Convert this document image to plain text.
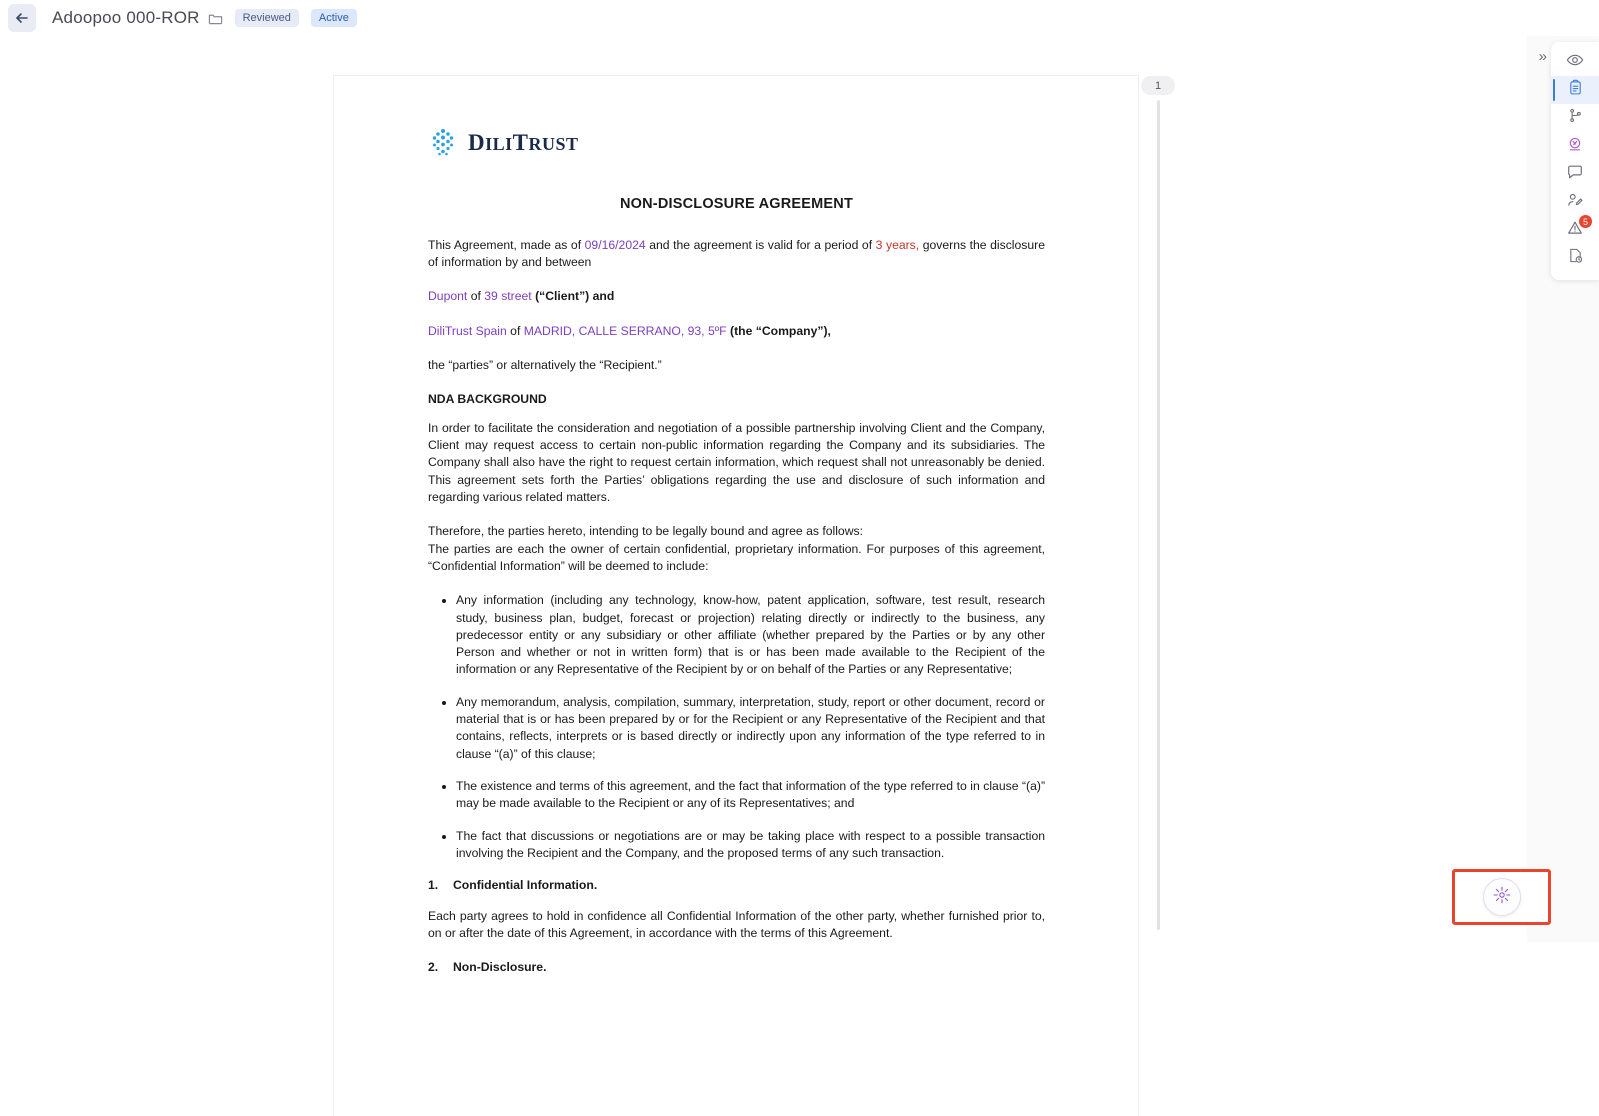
Adoopoo 000-ROR	Reviewed	Active
DILITRUST
NON-DISCLOSURE AGREEMENT
This Agreement, made as of 09/16/2024 and the agreement is valid for a period of 3 years, governs the disclosure of information by and between
Dupont of 39 street (“Client”) and
DiliTrust Spain of MADRID, CALLE SERRANO, 93, 5ºF (the “Company”),
the “parties” or alternatively the “Recipient.”
NDA BACKGROUND
In order to facilitate the consideration and negotiation of a possible partnership involving Client and the Company, Client may request access to certain non-public information regarding the Company and its subsidiaries. The Company shall also have the right to request certain information, which request shall not unreasonably be denied. This agreement sets forth the Parties’ obligations regarding the use and disclosure of such information and regarding various related matters.
Therefore, the parties hereto, intending to be legally bound and agree as follows:
The parties are each the owner of certain confidential, proprietary information. For purposes of this agreement, “Confidential Information” will be deemed to include:
• Any information (including any technology, know-how, patent application, software, test result, research study, business plan, budget, forecast or projection) relating directly or indirectly to the business, any predecessor entity or any subsidiary or other affiliate (whether prepared by the Parties or by any other Person and whether or not in written form) that is or has been made available to the Recipient of the information or any Representative of the Recipient by or on behalf of the Parties or any Representative;
• Any memorandum, analysis, compilation, summary, interpretation, study, report or other document, record or material that is or has been prepared by or for the Recipient or any Representative of the Recipient and that contains, reflects, interprets or is based directly or indirectly upon any information of the type referred to in clause “(a)” of this clause;
• The existence and terms of this agreement, and the fact that information of the type referred to in clause “(a)” may be made available to the Recipient or any of its Representatives; and
• The fact that discussions or negotiations are or may be taking place with respect to a possible transaction involving the Recipient and the Company, and the proposed terms of any such transaction.
1.	Confidential Information.
Each party agrees to hold in confidence all Confidential Information of the other party, whether furnished prior to, on or after the date of this Agreement, in accordance with the terms of this Agreement.
2.	Non-Disclosure.
1
»
5
